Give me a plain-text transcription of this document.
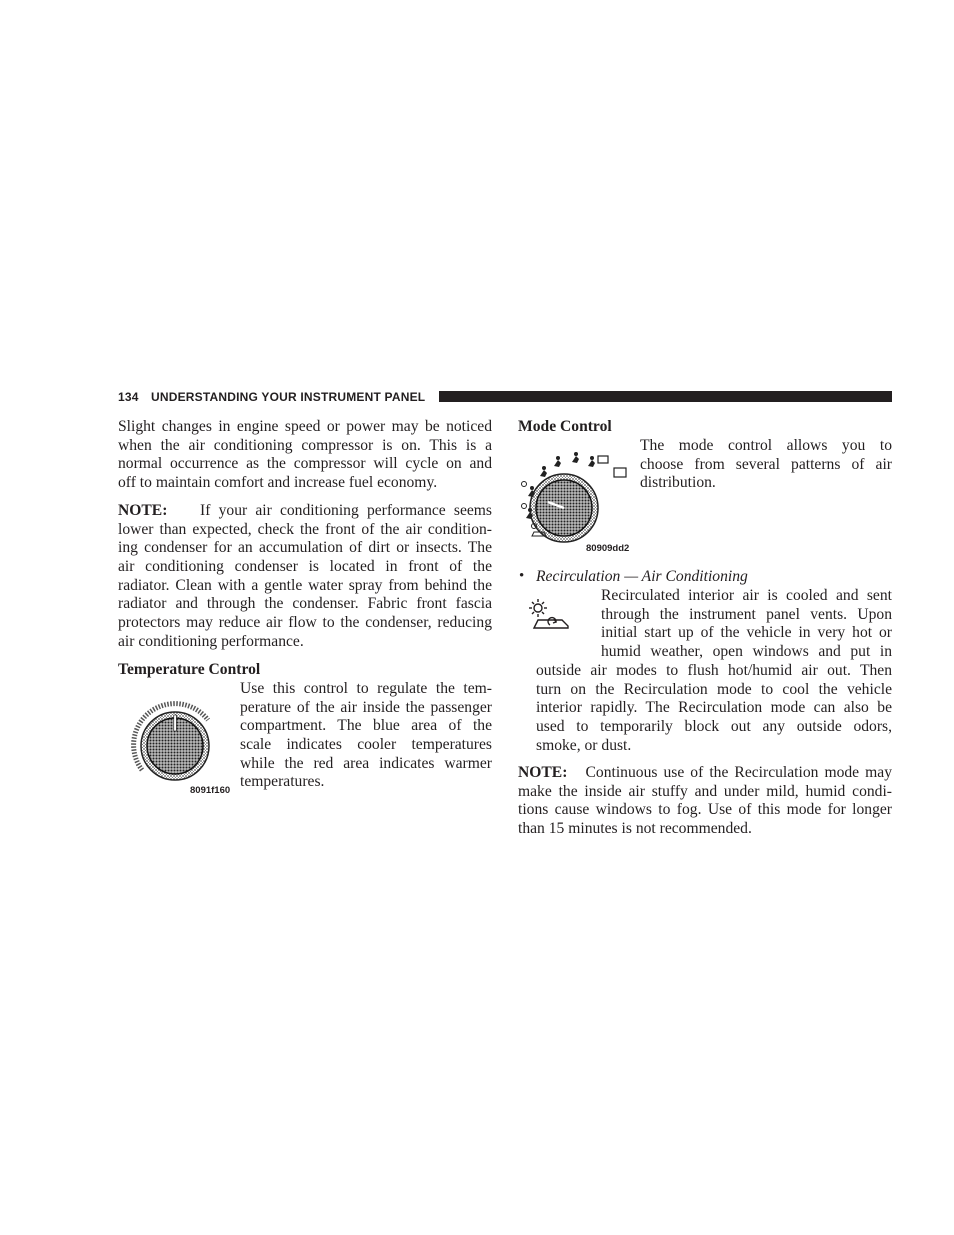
134 UNDERSTANDING YOUR INSTRUMENT PANEL
Slight changes in engine speed or power may be noticed
when the air conditioning compressor is on. This is a
normal occurrence as the compressor will cycle on and
off to maintain comfort and increase fuel economy.
NOTE: If your air conditioning performance seems
lower than expected, check the front of the air condition-
ing condenser for an accumulation of dirt or insects. The
air conditioning condenser is located in front of the
radiator. Clean with a gentle water spray from behind the
radiator and through the condenser. Fabric front fascia
protectors may reduce air flow to the condenser, reducing
air conditioning performance.
Temperature Control
8091f160
Use this control to regulate the tem-
perature of the air inside the passenger
compartment. The blue area of the
scale indicates cooler temperatures
while the red area indicates warmer
temperatures.
Mode Control
80909dd2
The mode control allows you to
choose from several patterns of air
distribution.
• Recirculation — Air Conditioning
Recirculated interior air is cooled and sent
through the instrument panel vents. Upon
initial start up of the vehicle in very hot or
humid weather, open windows and put in
outside air modes to flush hot/humid air out. Then
turn on the Recirculation mode to cool the vehicle
interior rapidly. The Recirculation mode can also be
used to temporarily block out any outside odors,
smoke, or dust.
NOTE: Continuous use of the Recirculation mode may
make the inside air stuffy and under mild, humid condi-
tions cause windows to fog. Use of this mode for longer
than 15 minutes is not recommended.
